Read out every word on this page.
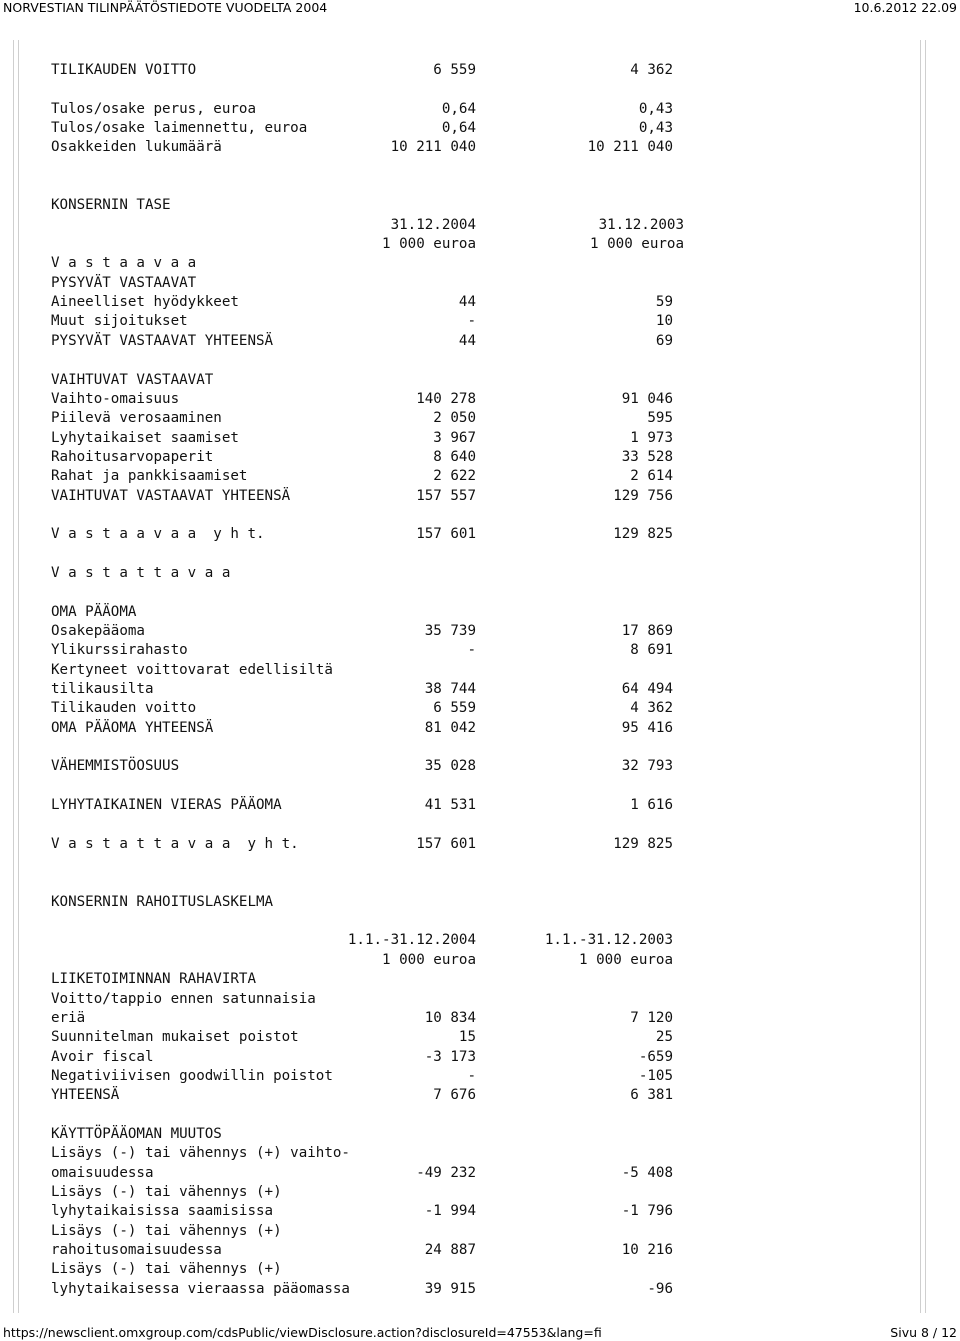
NORVESTIAN TILINPÄÄTÖSTIEDOTE VUODELTA 2004	10.6.2012 22.09
TILIKAUDEN VOITTO	6 559	4 362
Tulos/osake perus, euroa	0,64	0,43
Tulos/osake laimennettu, euroa	0,64	0,43
Osakkeiden lukumäärä	10 211 040	10 211 040
KONSERNIN TASE
31.12.2004	31.12.2003
1 000 euroa	1 000 euroa
V a s t a a v a a
PYSYVÄT VASTAAVAT
Aineelliset hyödykkeet	44	59
Muut sijoitukset	-	10
PYSYVÄT VASTAAVAT YHTEENSÄ	44	69
VAIHTUVAT VASTAAVAT
Vaihto-omaisuus	140 278	91 046
Piilevä verosaaminen	2 050	595
Lyhytaikaiset saamiset	3 967	1 973
Rahoitusarvopaperit	8 640	33 528
Rahat ja pankkisaamiset	2 622	2 614
VAIHTUVAT VASTAAVAT YHTEENSÄ	157 557	129 756
V a s t a a v a a  y h t.	157 601	129 825
V a s t a t t a v a a
OMA PÄÄOMA
Osakepääoma	35 739	17 869
Ylikurssirahasto	-	8 691
Kertyneet voittovarat edellisiltä
tilikausilta	38 744	64 494
Tilikauden voitto	6 559	4 362
OMA PÄÄOMA YHTEENSÄ	81 042	95 416
VÄHEMMISTÖOSUUS	35 028	32 793
LYHYTAIKAINEN VIERAS PÄÄOMA	41 531	1 616
V a s t a t t a v a a  y h t.	157 601	129 825
KONSERNIN RAHOITUSLASKELMA
1.1.-31.12.2004	1.1.-31.12.2003
1 000 euroa	1 000 euroa
LIIKETOIMINNAN RAHAVIRTA
Voitto/tappio ennen satunnaisia
eriä	10 834	7 120
Suunnitelman mukaiset poistot	15	25
Avoir fiscal	-3 173	-659
Negativiivisen goodwillin poistot	-	-105
YHTEENSÄ	7 676	6 381
KÄYTTÖPÄÄOMAN MUUTOS
Lisäys (-) tai vähennys (+) vaihto-
omaisuudessa	-49 232	-5 408
Lisäys (-) tai vähennys (+)
lyhytaikaisissa saamisissa	-1 994	-1 796
Lisäys (-) tai vähennys (+)
rahoitusomaisuudessa	24 887	10 216
Lisäys (-) tai vähennys (+)
lyhytaikaisessa vieraassa pääomassa	39 915	-96
https://newsclient.omxgroup.com/cdsPublic/viewDisclosure.action?disclosureId=47553&lang=fi	Sivu 8 / 12
